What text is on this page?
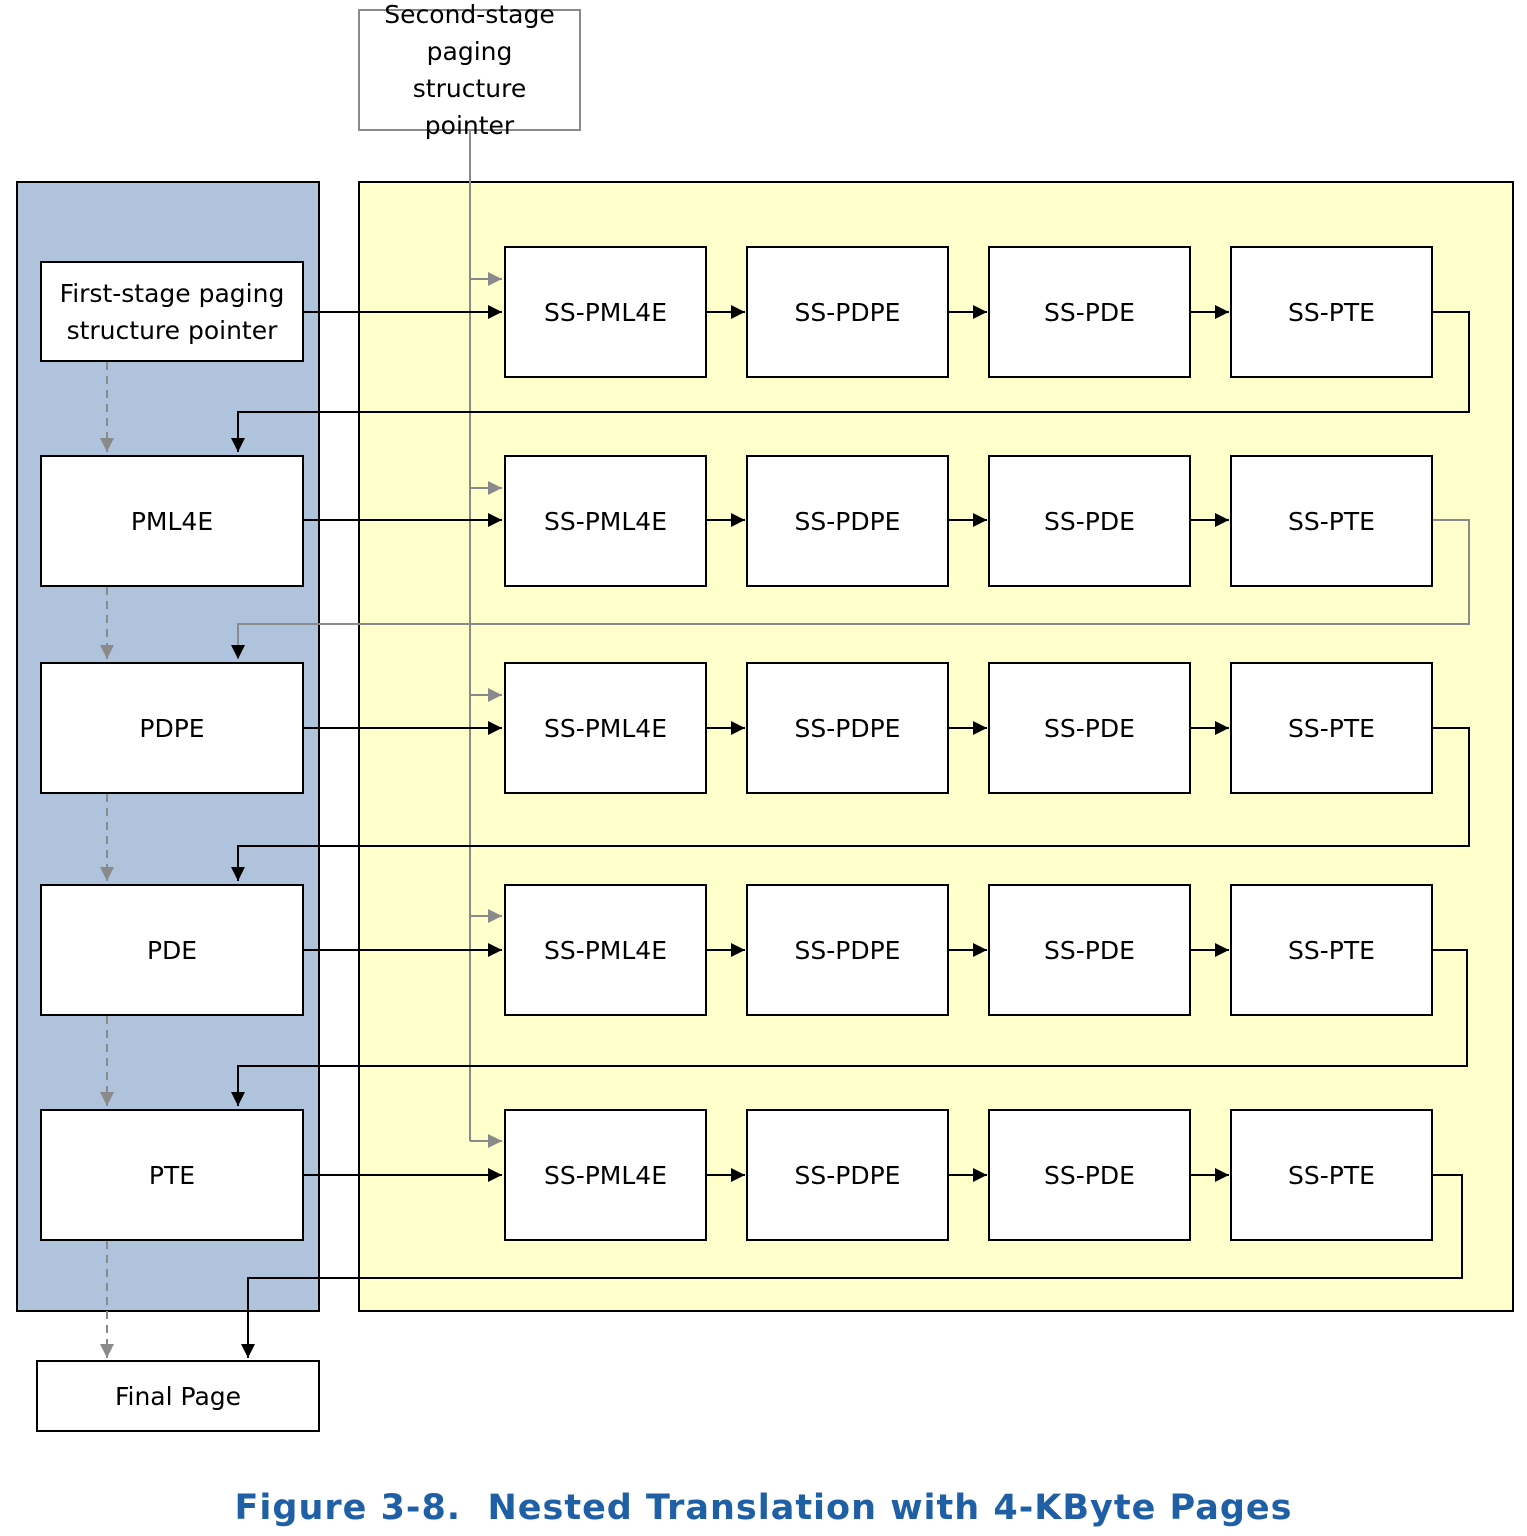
Second-stage paging structure pointer
First-stage paging structure pointer
PML4E
PDPE
PDE
PTE
SS-PML4E	SS-PDPE	SS-PDE	SS-PTE
SS-PML4E	SS-PDPE	SS-PDE	SS-PTE
SS-PML4E	SS-PDPE	SS-PDE	SS-PTE
SS-PML4E	SS-PDPE	SS-PDE	SS-PTE
SS-PML4E	SS-PDPE	SS-PDE	SS-PTE
Final Page
Figure 3-8.  Nested Translation with 4-KByte Pages
